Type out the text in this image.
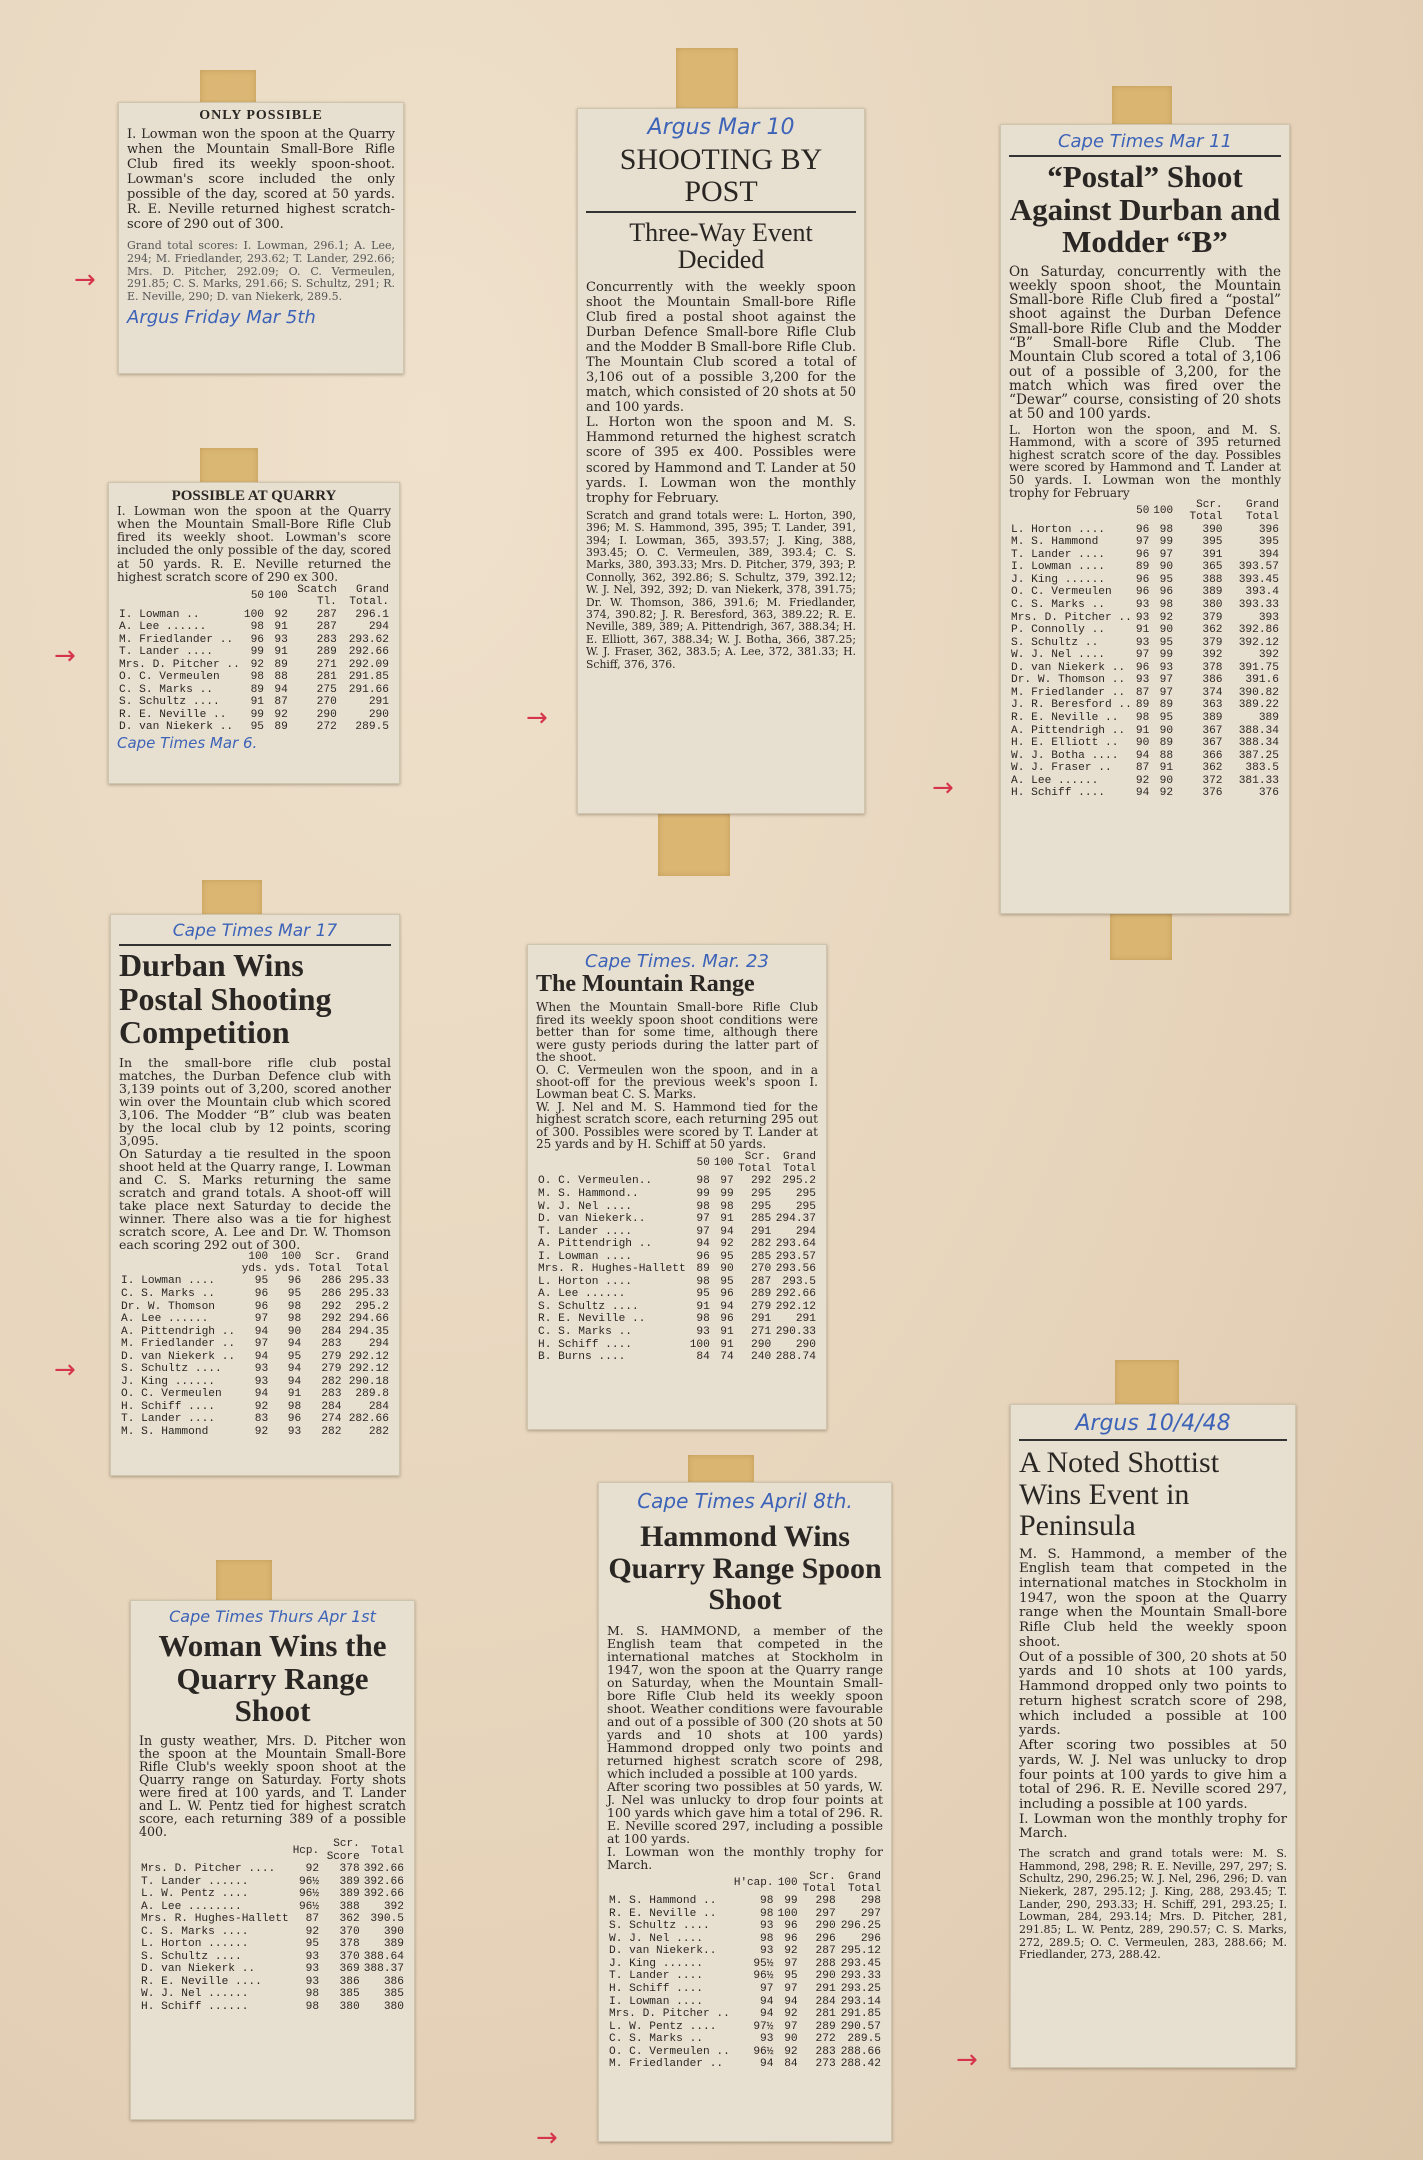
ONLY POSSIBLE
I. Lowman won the spoon at the Quarry when the Mountain Small-Bore Rifle Club fired its weekly spoon-shoot. Lowman's score included the only possible of the day, scored at 50 yards. R. E. Neville returned highest scratch-score of 290 out of 300.
Grand total scores: I. Lowman, 296.1; A. Lee, 294; M. Friedlander, 293.62; T. Lander, 292.66; Mrs. D. Pitcher, 292.09; O. C. Vermeulen, 291.85; C. S. Marks, 291.66; S. Schultz, 291; R. E. Neville, 290; D. van Niekerk, 289.5.
Argus Friday Mar 5th
→
POSSIBLE AT QUARRY
I. Lowman won the spoon at the Quarry when the Mountain Small-Bore Rifle Club fired its weekly shoot. Lowman's score included the only possible of the day, scored at 50 yards. R. E. Neville returned the highest scratch score of 290 ex 300.
	50	100	Scatch Tl.	Grand Total.
I. Lowman ..	100	92	287	296.1
A. Lee ......	98	91	287	294
M. Friedlander ..	96	93	283	293.62
T. Lander ....	99	91	289	292.66
Mrs. D. Pitcher ..	92	89	271	292.09
O. C. Vermeulen	98	88	281	291.85
C. S. Marks ..	89	94	275	291.66
S. Schultz ....	91	87	270	291
R. E. Neville ..	99	92	290	290
D. van Niekerk ..	95	89	272	289.5
Cape Times Mar 6.
→
Argus Mar 10
SHOOTING BY POST
Three-Way Event Decided
Concurrently with the weekly spoon shoot the Mountain Small-bore Rifle Club fired a postal shoot against the Durban Defence Small-bore Rifle Club and the Modder B Small-bore Rifle Club. The Mountain Club scored a total of 3,106 out of a possible 3,200 for the match, which consisted of 20 shots at 50 and 100 yards.
L. Horton won the spoon and M. S. Hammond returned the highest scratch score of 395 ex 400. Possibles were scored by Hammond and T. Lander at 50 yards. I. Lowman won the monthly trophy for February.
Scratch and grand totals were: L. Horton, 390, 396; M. S. Hammond, 395, 395; T. Lander, 391, 394; I. Lowman, 365, 393.57; J. King, 388, 393.45; O. C. Vermeulen, 389, 393.4; C. S. Marks, 380, 393.33; Mrs. D. Pitcher, 379, 393; P. Connolly, 362, 392.86; S. Schultz, 379, 392.12; W. J. Nel, 392, 392; D. van Niekerk, 378, 391.75; Dr. W. Thomson, 386, 391.6; M. Friedlander, 374, 390.82; J. R. Beresford, 363, 389.22; R. E. Neville, 389, 389; A. Pittendrigh, 367, 388.34; H. E. Elliott, 367, 388.34; W. J. Botha, 366, 387.25; W. J. Fraser, 362, 383.5; A. Lee, 372, 381.33; H. Schiff, 376, 376.
→
Cape Times Mar 11
“Postal” Shoot Against Durban and Modder “B”
On Saturday, concurrently with the weekly spoon shoot, the Mountain Small-bore Rifle Club fired a “postal” shoot against the Durban Defence Small-bore Rifle Club and the Modder “B” Small-bore Rifle Club. The Mountain Club scored a total of 3,106 out of a possible of 3,200, for the match which was fired over the “Dewar” course, consisting of 20 shots at 50 and 100 yards.
L. Horton won the spoon, and M. S. Hammond, with a score of 395 returned highest scratch score of the day. Possibles were scored by Hammond and T. Lander at 50 yards. I. Lowman won the monthly trophy for February
	50	100	Scr. Total	Grand Total
L. Horton ....	96	98	390	396
M. S. Hammond	97	99	395	395
T. Lander ....	96	97	391	394
I. Lowman ....	89	90	365	393.57
J. King ......	96	95	388	393.45
O. C. Vermeulen	96	96	389	393.4
C. S. Marks ..	93	98	380	393.33
Mrs. D. Pitcher ..	93	92	379	393
P. Connolly ..	91	90	362	392.86
S. Schultz ..	93	95	379	392.12
W. J. Nel ....	97	99	392	392
D. van Niekerk ..	96	93	378	391.75
Dr. W. Thomson ..	93	97	386	391.6
M. Friedlander ..	87	97	374	390.82
J. R. Beresford ..	89	89	363	389.22
R. E. Neville ..	98	95	389	389
A. Pittendrigh ..	91	90	367	388.34
H. E. Elliott ..	90	89	367	388.34
W. J. Botha ....	94	88	366	387.25
W. J. Fraser ..	87	91	362	383.5
A. Lee ......	92	90	372	381.33
H. Schiff ....	94	92	376	376
→
Cape Times Mar 17
Durban Wins Postal Shooting Competition
In the small-bore rifle club postal matches, the Durban Defence club with 3,139 points out of 3,200, scored another win over the Mountain club which scored 3,106. The Modder “B” club was beaten by the local club by 12 points, scoring 3,095.
On Saturday a tie resulted in the spoon shoot held at the Quarry range, I. Lowman and C. S. Marks returning the same scratch and grand totals. A shoot-off will take place next Saturday to decide the winner. There also was a tie for highest scratch score, A. Lee and Dr. W. Thomson each scoring 292 out of 300.
	100 yds.	100 yds.	Scr. Total	Grand Total
I. Lowman ....	95	96	286	295.33
C. S. Marks ..	96	95	286	295.33
Dr. W. Thomson	96	98	292	295.2
A. Lee ......	97	98	292	294.66
A. Pittendrigh ..	94	90	284	294.35
M. Friedlander ..	97	94	283	294
D. van Niekerk ..	94	95	279	292.12
S. Schultz ....	93	94	279	292.12
J. King ......	93	94	282	290.18
O. C. Vermeulen	94	91	283	289.8
H. Schiff ....	92	98	284	284
T. Lander ....	83	96	274	282.66
M. S. Hammond	92	93	282	282
→
Cape Times. Mar. 23
The Mountain Range
When the Mountain Small-bore Rifle Club fired its weekly spoon shoot conditions were better than for some time, although there were gusty periods during the latter part of the shoot.
O. C. Vermeulen won the spoon, and in a shoot-off for the previous week's spoon I. Lowman beat C. S. Marks.
W. J. Nel and M. S. Hammond tied for the highest scratch score, each returning 295 out of 300. Possibles were scored by T. Lander at 25 yards and by H. Schiff at 50 yards.
	50	100	Scr. Total	Grand Total
O. C. Vermeulen..	98	97	292	295.2
M. S. Hammond..	99	99	295	295
W. J. Nel ....	98	98	295	295
D. van Niekerk..	97	91	285	294.37
T. Lander ....	97	94	291	294
A. Pittendrigh ..	94	92	282	293.64
I. Lowman ....	96	95	285	293.57
Mrs. R. Hughes-Hallett	89	90	270	293.56
L. Horton ....	98	95	287	293.5
A. Lee ......	95	96	289	292.66
S. Schultz ....	91	94	279	292.12
R. E. Neville ..	98	96	291	291
C. S. Marks ..	93	91	271	290.33
H. Schiff ....	100	91	290	290
B. Burns ....	84	74	240	288.74
Cape Times Thurs Apr 1st
Woman Wins the Quarry Range Shoot
In gusty weather, Mrs. D. Pitcher won the spoon at the Mountain Small-Bore Rifle Club's weekly spoon shoot at the Quarry range on Saturday. Forty shots were fired at 100 yards, and T. Lander and L. W. Pentz tied for highest scratch score, each returning 389 of a possible 400.
	Hcp.	Scr. Score	Total
Mrs. D. Pitcher ....	92	378	392.66
T. Lander ......	96½	389	392.66
L. W. Pentz ....	96½	389	392.66
A. Lee ........	96½	388	392
Mrs. R. Hughes-Hallett	87	362	390.5
C. S. Marks ....	92	370	390
L. Horton ......	95	378	389
S. Schultz ....	93	370	388.64
D. van Niekerk ..	93	369	388.37
R. E. Neville ....	93	386	386
W. J. Nel ......	98	385	385
H. Schiff ......	98	380	380
Cape Times April 8th.
Hammond Wins Quarry Range Spoon Shoot
M. S. HAMMOND, a member of the English team that competed in the international matches at Stockholm in 1947, won the spoon at the Quarry range on Saturday, when the Mountain Small-bore Rifle Club held its weekly spoon shoot. Weather conditions were favourable and out of a possible of 300 (20 shots at 50 yards and 10 shots at 100 yards) Hammond dropped only two points and returned highest scratch score of 298, which included a possible at 100 yards.
After scoring two possibles at 50 yards, W. J. Nel was unlucky to drop four points at 100 yards which gave him a total of 296. R. E. Neville scored 297, including a possible at 100 yards.
I. Lowman won the monthly trophy for March.
	H'cap.	100	Scr. Total	Grand Total
M. S. Hammond ..	98	99	298	298
R. E. Neville ..	98	100	297	297
S. Schultz ....	93	96	290	296.25
W. J. Nel ....	98	96	296	296
D. van Niekerk..	93	92	287	295.12
J. King ......	95½	97	288	293.45
T. Lander ....	96½	95	290	293.33
H. Schiff ....	97	97	291	293.25
I. Lowman ....	94	94	284	293.14
Mrs. D. Pitcher ..	94	92	281	291.85
L. W. Pentz ....	97½	97	289	290.57
C. S. Marks ..	93	90	272	289.5
O. C. Vermeulen ..	96½	92	283	288.66
M. Friedlander ..	94	84	273	288.42
→
Argus 10/4/48
A Noted Shottist Wins Event in Peninsula
M. S. Hammond, a member of the English team that competed in the international matches in Stockholm in 1947, won the spoon at the Quarry range when the Mountain Small-bore Rifle Club held the weekly spoon shoot.
Out of a possible of 300, 20 shots at 50 yards and 10 shots at 100 yards, Hammond dropped only two points to return highest scratch score of 298, which included a possible at 100 yards.
After scoring two possibles at 50 yards, W. J. Nel was unlucky to drop four points at 100 yards to give him a total of 296. R. E. Neville scored 297, including a possible at 100 yards.
I. Lowman won the monthly trophy for March.
The scratch and grand totals were: M. S. Hammond, 298, 298; R. E. Neville, 297, 297; S. Schultz, 290, 296.25; W. J. Nel, 296, 296; D. van Niekerk, 287, 295.12; J. King, 288, 293.45; T. Lander, 290, 293.33; H. Schiff, 291, 293.25; I. Lowman, 284, 293.14; Mrs. D. Pitcher, 281, 291.85; L. W. Pentz, 289, 290.57; C. S. Marks, 272, 289.5; O. C. Vermeulen, 283, 288.66; M. Friedlander, 273, 288.42.
→
